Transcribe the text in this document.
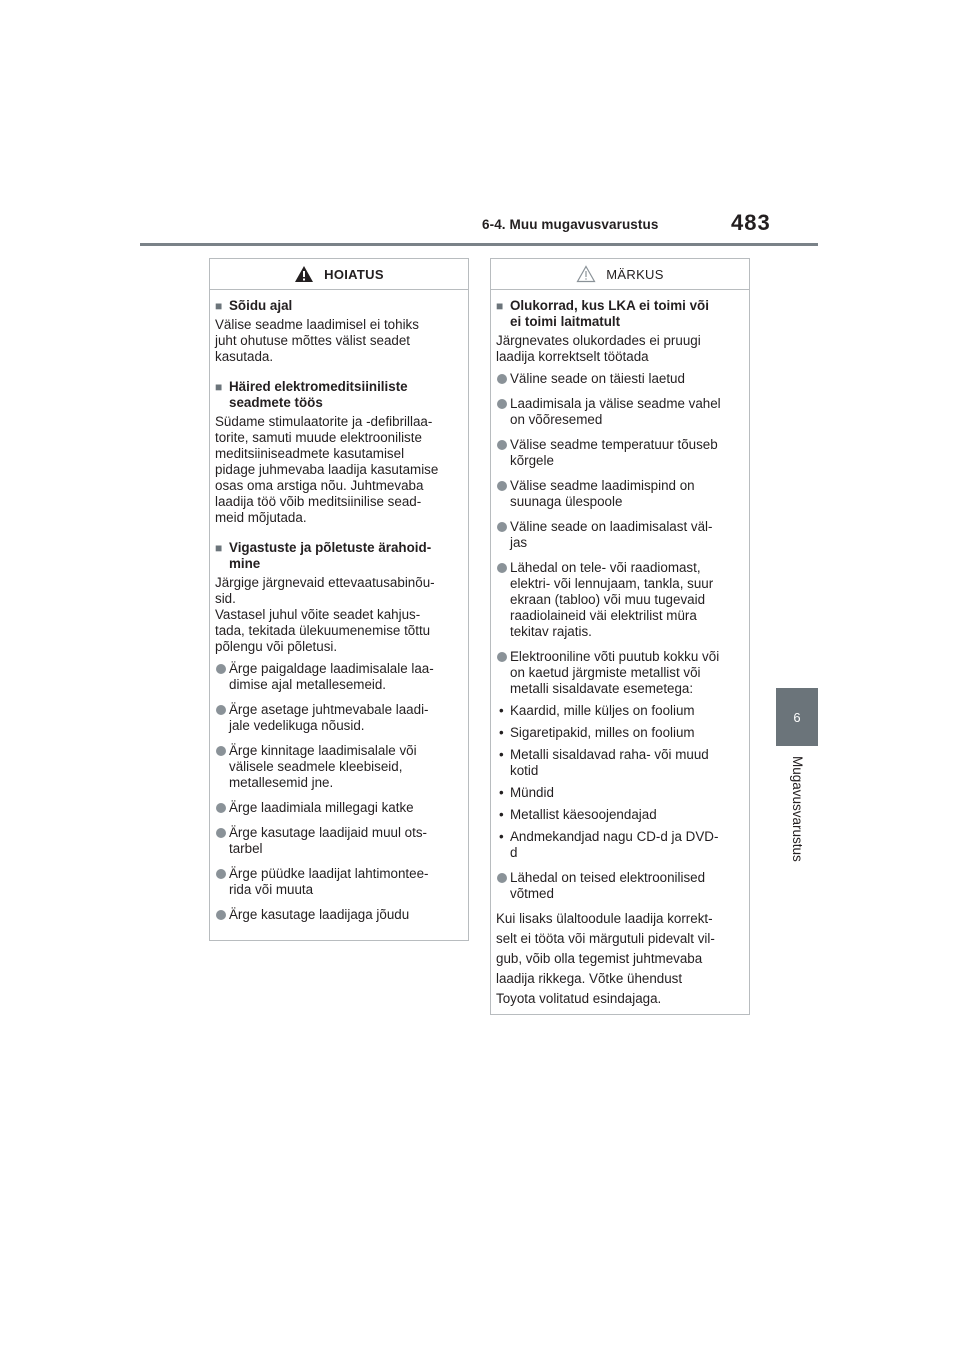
6-4. Muu mugavusvarustus	483
6
Mugavusvarustus
HOIATUS
■ Sõidu ajal

Välise seadme laadimisel ei tohiks

juht ohutuse mõttes välist seadet

kasutada.

■ Häired elektromeditsiiniliste
seadmete töös

Südame stimulaatorite ja -defibrillaa-

torite, samuti muude elektrooniliste

meditsiiniseadmete kasutamisel

pidage juhmevaba laadija kasutamise

osas oma arstiga nõu. Juhtmevaba

laadija töö võib meditsiinilise sead-

meid mõjutada.

■ Vigastuste ja põletuste ärahoid-
mine

Järgige järgnevaid ettevaatusabinõu-

sid.

Vastasel juhul võite seadet kahjus-

tada, tekitada ülekuumenemise tõttu

põlengu või põletusi.

Ärge paigaldage laadimisalale laa-
dimise ajal metallesemeid.
Ärge asetage juhtmevabale laadi-
jale vedelikuga nõusid.
Ärge kinnitage laadimisalale või
välisele seadmele kleebiseid,
metallesemid jne.
Ärge laadimiala millegagi katke
Ärge kasutage laadijaid muul ots-
tarbel
Ärge püüdke laadijat lahtimontee-
rida või muuta
Ärge kasutage laadijaga jõudu
MÄRKUS
■ Olukorrad, kus LKA ei toimi või
ei toimi laitmatult

Järgnevates olukordades ei pruugi

laadija korrektselt töötada

Väline seade on täiesti laetud
Laadimisala ja välise seadme vahel
on võõresemed
Välise seadme temperatuur tõuseb
kõrgele
Välise seadme laadimispind on
suunaga ülespoole
Väline seade on laadimisalast väl-
jas
Lähedal on tele- või raadiomast,
elektri- või lennujaam, tankla, suur
ekraan (tabloo) või muu tugevaid
raadiolaineid väi elektrilist müra
tekitav rajatis.
Elektrooniline võti puutub kokku või
on kaetud järgmiste metallist või
metalli sisaldavate esemetega:
• Kaardid, mille küljes on foolium
• Sigaretipakid, milles on foolium
• Metalli sisaldavad raha- või muud
kotid
• Mündid
• Metallist käesoojendajad
• Andmekandjad nagu CD-d ja DVD-
d
Lähedal on teised elektroonilised
võtmed

Kui lisaks ülaltoodule laadija korrekt-

selt ei tööta või märgutuli pidevalt vil-

gub, võib olla tegemist juhtmevaba

laadija rikkega. Võtke ühendust

Toyota volitatud esindajaga.
